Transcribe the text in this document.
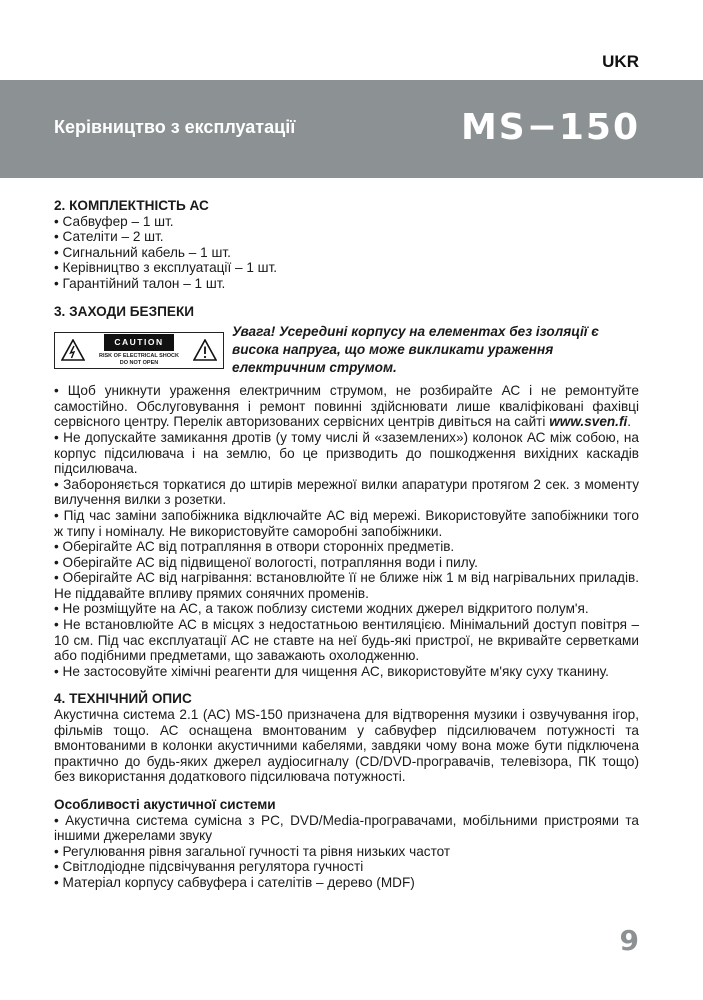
UKR
Керівництво з експлуатації	MS−150

2. КОМПЛЕКТНІСТЬ АС

• Сабвуфер – 1 шт.

• Сателіти – 2 шт.

• Сигнальний кабель – 1 шт.

• Керівництво з експлуатації – 1 шт.

• Гарантійний талон – 1 шт.

3. ЗАХОДИ БЕЗПЕКИ

CAUTION
RISK OF ELECTRICAL SHOCK
DO NOT OPEN
Увага! Усередині корпусу на елементах без ізоляції є висока напруга, що може викликати ураження електричним струмом.

• Щоб уникнути ураження електричним струмом, не розбирайте АС і не ремонтуйте самостійно. Обслуговування і ремонт повинні здійснювати лише кваліфіковані фахівці сервісного центру. Перелік авторизованих сервісних центрів дивіться на сайті www.sven.fi.

• Не допускайте замикання дротів (у тому числі й «заземлених») колонок АС між собою, на корпус підсилювача і на землю, бо це призводить до пошкодження вихідних каскадів підсилювача.

• Забороняється торкатися до штирів мережної вилки апаратури протягом 2 сек. з моменту вилучення вилки з розетки.

• Під час заміни запобіжника відключайте АС від мережі. Використовуйте запобіжники того ж типу і номіналу. Не використовуйте саморобні запобіжники.

• Оберігайте АС від потрапляння в отвори сторонніх предметів.

• Оберігайте АС від підвищеної вологості, потрапляння води і пилу.

• Оберігайте АС від нагрівання: встановлюйте її не ближе ніж 1 м від нагрівальних приладів. Не піддавайте впливу прямих сонячних променів.

• Не розміщуйте на АС, а також поблизу системи жодних джерел відкритого полум'я.

• Не встановлюйте АС в місцях з недостатньою вентиляцією. Мінімальний доступ повітря – 10 см. Під час експлуатації АС не ставте на неї будь-які пристрої, не вкривайте серветками або подібними предметами, що заважають охолодженню.

• Не застосовуйте хімічні реагенти для чищення АС, використовуйте м'яку суху тканину.

4. ТЕХНІЧНИЙ ОПИС

Акустична система 2.1 (АС) MS-150 призначена для відтворення музики і озвучування ігор, фільмів тощо. АС оснащена вмонтованим у сабвуфер підсилювачем потужності та вмонтованими в колонки акустичними кабелями, завдяки чому вона може бути підключена практично до будь-яких джерел аудіосигналу (CD/DVD-програвачів, телевізора, ПК тощо) без використання додаткового підсилювача потужності.

Особливості акустичної системи

• Акустична система сумісна з PC, DVD/Media-програвачами, мобільними пристроями та іншими джерелами звуку

• Регулювання рівня загальної гучності та рівня низьких частот

• Світлодіодне підсвічування регулятора гучності

• Матеріал корпусу сабвуфера і сателітів – дерево (MDF)

9
